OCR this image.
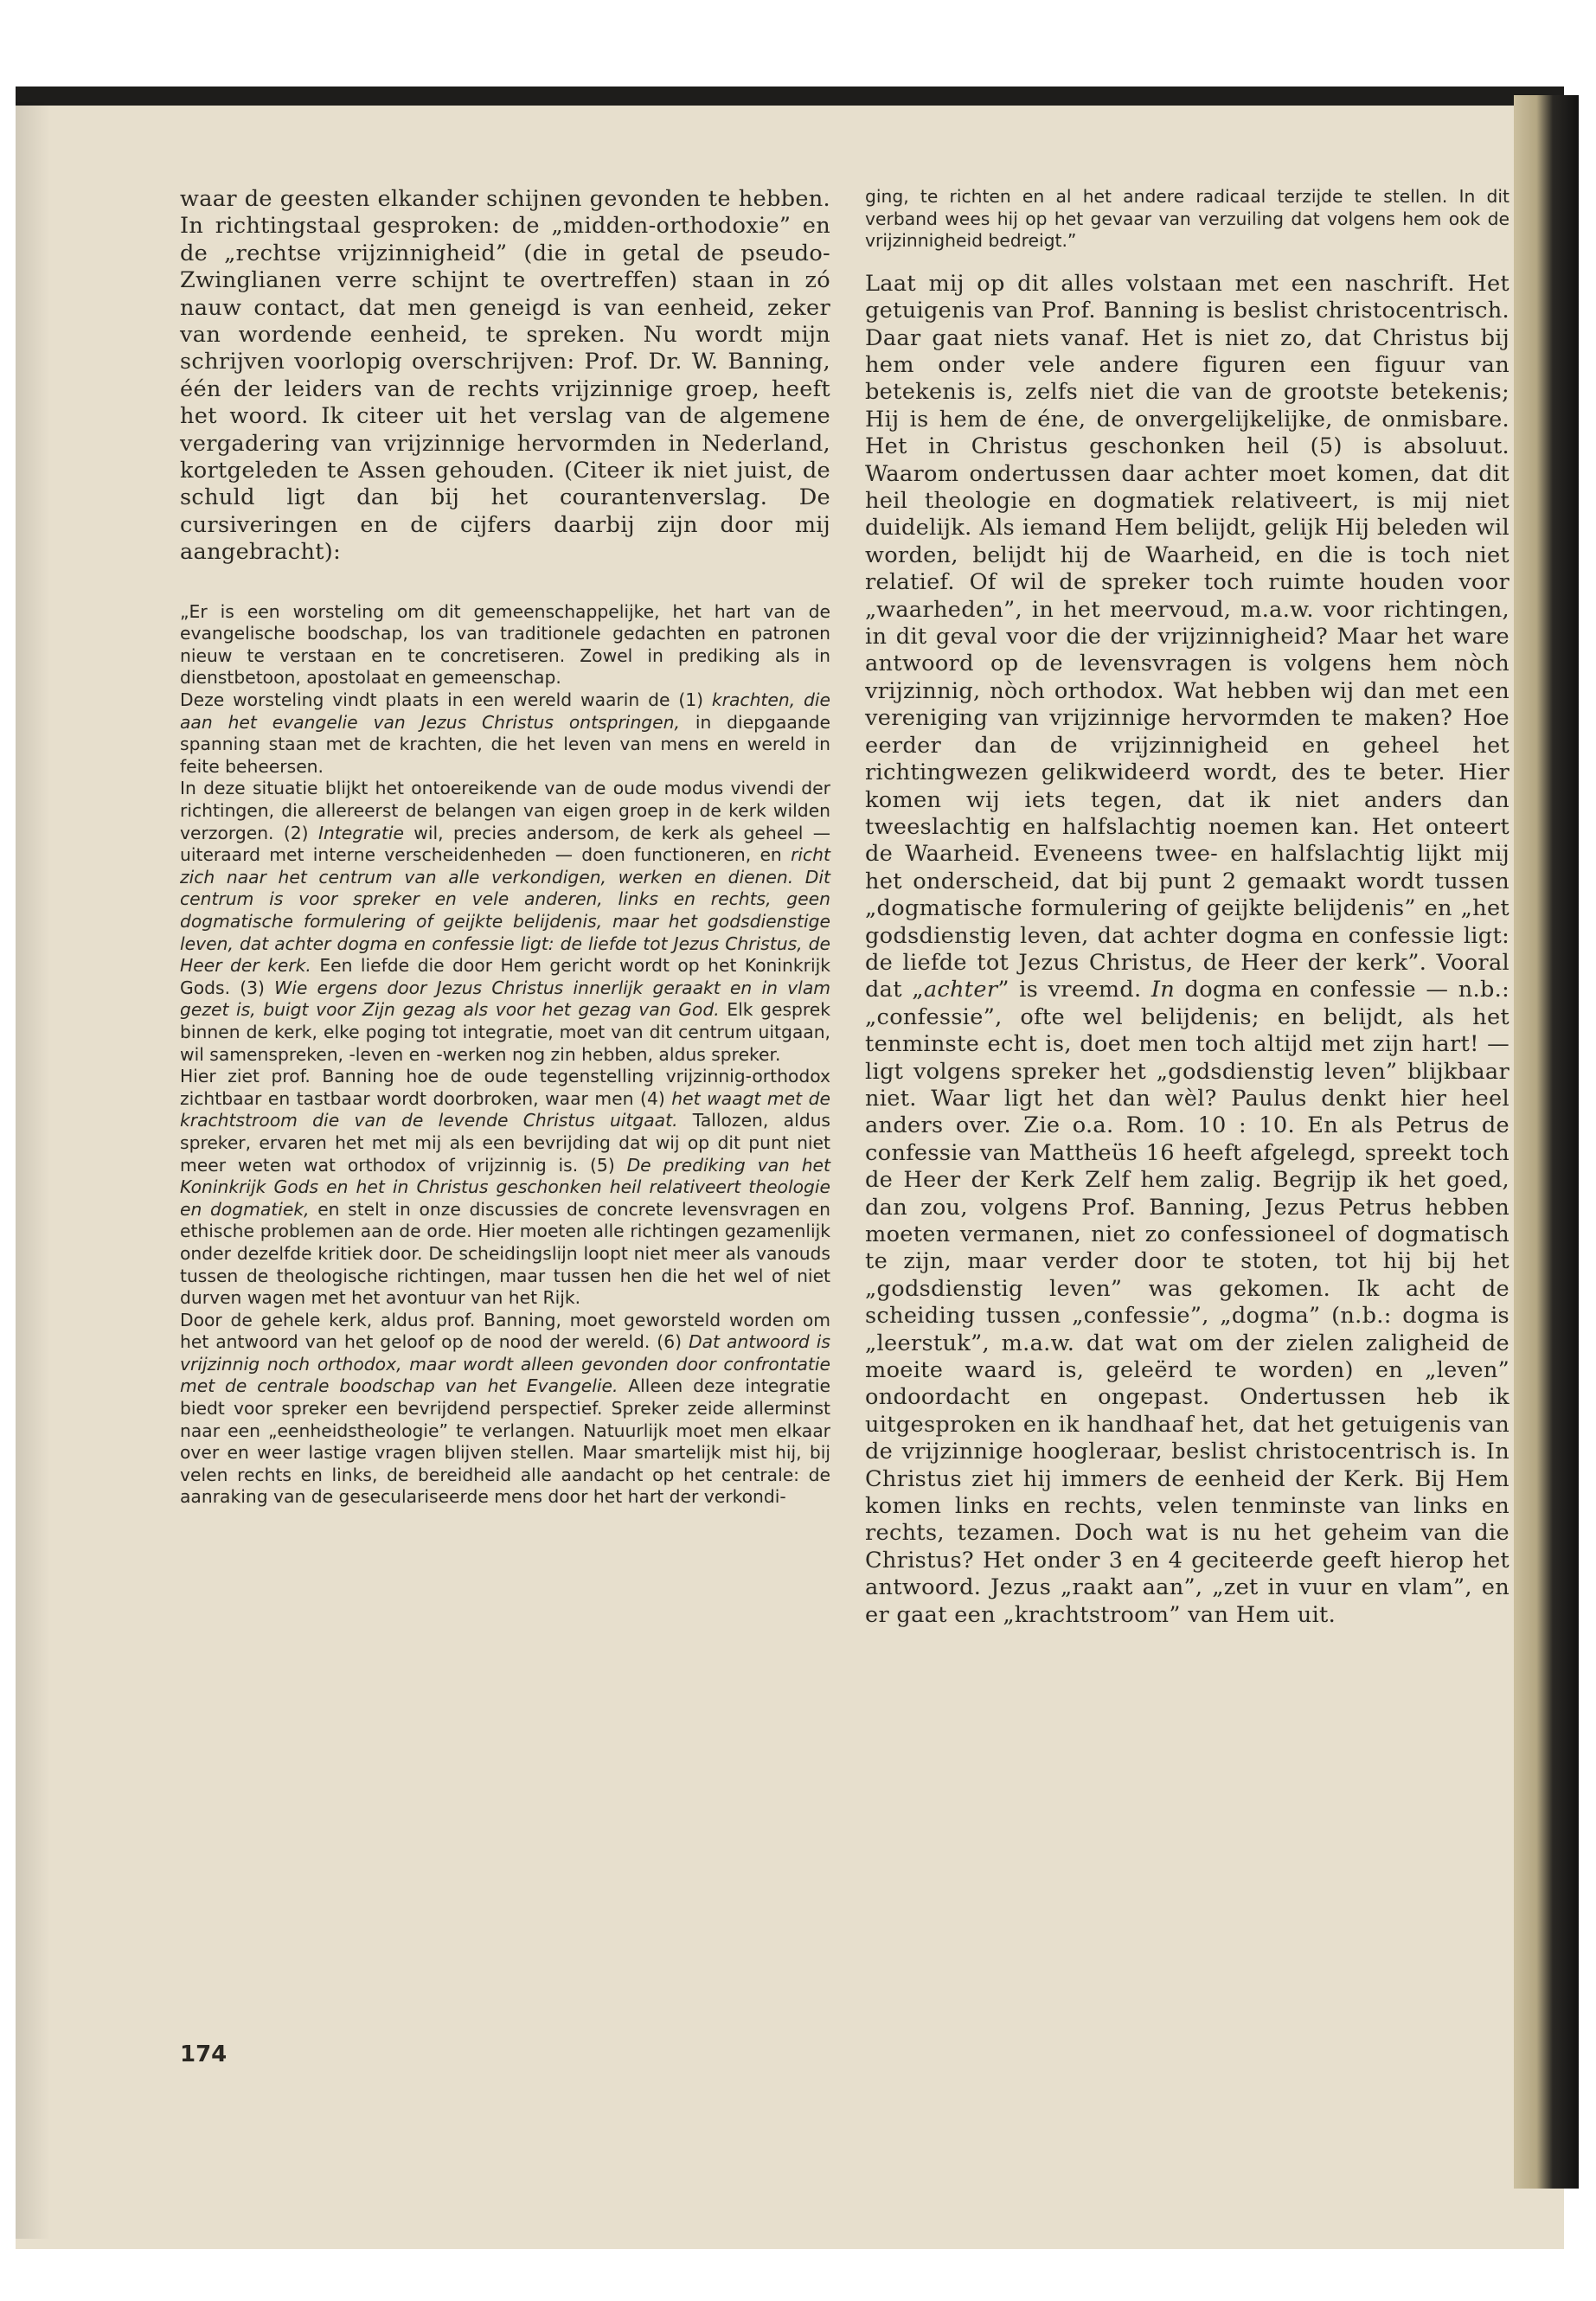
waar de geesten elkander schijnen gevonden te hebben. In richtingstaal gesproken: de „midden-orthodoxie” en de „rechtse vrijzinnigheid” (die in getal de pseudo-Zwinglianen verre schijnt te overtreffen) staan in zó nauw contact, dat men geneigd is van eenheid, zeker van wordende eenheid, te spreken. Nu wordt mijn schrijven voorlopig overschrijven: Prof. Dr. W. Banning, één der leiders van de rechts vrijzinnige groep, heeft het woord. Ik citeer uit het verslag van de algemene vergadering van vrijzinnige hervormden in Nederland, kortgeleden te Assen gehouden. (Citeer ik niet juist, de schuld ligt dan bij het courantenverslag. De cursiveringen en de cijfers daarbij zijn door mij aangebracht):

„Er is een worsteling om dit gemeenschappelijke, het hart van de evangelische boodschap, los van traditionele gedachten en patronen nieuw te verstaan en te concretiseren. Zowel in prediking als in dienstbetoon, apostolaat en gemeenschap.

Deze worsteling vindt plaats in een wereld waarin de (1) krachten, die aan het evangelie van Jezus Christus ontspringen, in diepgaande spanning staan met de krachten, die het leven van mens en wereld in feite beheersen.

In deze situatie blijkt het ontoereikende van de oude modus vivendi der richtingen, die allereerst de belangen van eigen groep in de kerk wilden verzorgen. (2) Integratie wil, precies andersom, de kerk als geheel — uiteraard met interne verscheidenheden — doen functioneren, en richt zich naar het centrum van alle verkondigen, werken en dienen. Dit centrum is voor spreker en vele anderen, links en rechts, geen dogmatische formulering of geijkte belijdenis, maar het godsdienstige leven, dat achter dogma en confessie ligt: de liefde tot Jezus Christus, de Heer der kerk. Een liefde die door Hem gericht wordt op het Koninkrijk Gods. (3) Wie ergens door Jezus Christus innerlijk geraakt en in vlam gezet is, buigt voor Zijn gezag als voor het gezag van God. Elk gesprek binnen de kerk, elke poging tot integratie, moet van dit centrum uitgaan, wil samenspreken, -leven en -werken nog zin hebben, aldus spreker.

Hier ziet prof. Banning hoe de oude tegenstelling vrijzinnig-orthodox zichtbaar en tastbaar wordt doorbroken, waar men (4) het waagt met de krachtstroom die van de levende Christus uitgaat. Tallozen, aldus spreker, ervaren het met mij als een bevrijding dat wij op dit punt niet meer weten wat orthodox of vrijzinnig is. (5) De prediking van het Koninkrijk Gods en het in Christus geschonken heil relativeert theologie en dogmatiek, en stelt in onze discussies de concrete levensvragen en ethische problemen aan de orde. Hier moeten alle richtingen gezamenlijk onder dezelfde kritiek door. De scheidingslijn loopt niet meer als vanouds tussen de theologische richtingen, maar tussen hen die het wel of niet durven wagen met het avontuur van het Rijk.

Door de gehele kerk, aldus prof. Banning, moet geworsteld worden om het antwoord van het geloof op de nood der wereld. (6) Dat antwoord is vrijzinnig noch orthodox, maar wordt alleen gevonden door confrontatie met de centrale boodschap van het Evangelie. Alleen deze integratie biedt voor spreker een bevrijdend perspectief. Spreker zeide allerminst naar een „eenheidstheologie” te verlangen. Natuurlijk moet men elkaar over en weer lastige vragen blijven stellen. Maar smartelijk mist hij, bij velen rechts en links, de bereidheid alle aandacht op het centrale: de aanraking van de geseculariseerde mens door het hart der verkondi-

174

ging, te richten en al het andere radicaal terzijde te stellen. In dit verband wees hij op het gevaar van verzuiling dat volgens hem ook de vrijzinnigheid bedreigt.”

Laat mij op dit alles volstaan met een naschrift. Het getuigenis van Prof. Banning is beslist christocentrisch. Daar gaat niets vanaf. Het is niet zo, dat Christus bij hem onder vele andere figuren een figuur van betekenis is, zelfs niet die van de grootste betekenis; Hij is hem de éne, de onvergelijkelijke, de onmisbare. Het in Christus geschonken heil (5) is absoluut. Waarom ondertussen daar achter moet komen, dat dit heil theologie en dogmatiek relativeert, is mij niet duidelijk. Als iemand Hem belijdt, gelijk Hij beleden wil worden, belijdt hij de Waarheid, en die is toch niet relatief. Of wil de spreker toch ruimte houden voor „waarheden”, in het meervoud, m.a.w. voor richtingen, in dit geval voor die der vrijzinnigheid? Maar het ware antwoord op de levensvragen is volgens hem nòch vrijzinnig, nòch orthodox. Wat hebben wij dan met een vereniging van vrijzinnige hervormden te maken? Hoe eerder dan de vrijzinnigheid en geheel het richtingwezen gelikwideerd wordt, des te beter. Hier komen wij iets tegen, dat ik niet anders dan tweeslachtig en halfslachtig noemen kan. Het onteert de Waarheid. Eveneens twee- en halfslachtig lijkt mij het onderscheid, dat bij punt 2 gemaakt wordt tussen „dogmatische formulering of geijkte belijdenis” en „het godsdienstig leven, dat achter dogma en confessie ligt: de liefde tot Jezus Christus, de Heer der kerk”. Vooral dat „achter” is vreemd. In dogma en confessie — n.b.: „confessie”, ofte wel belijdenis; en belijdt, als het tenminste echt is, doet men toch altijd met zijn hart! — ligt volgens spreker het „godsdienstig leven” blijkbaar niet. Waar ligt het dan wèl? Paulus denkt hier heel anders over. Zie o.a. Rom. 10 : 10. En als Petrus de confessie van Mattheüs 16 heeft afgelegd, spreekt toch de Heer der Kerk Zelf hem zalig. Begrijp ik het goed, dan zou, volgens Prof. Banning, Jezus Petrus hebben moeten vermanen, niet zo confessioneel of dogmatisch te zijn, maar verder door te stoten, tot hij bij het „godsdienstig leven” was gekomen. Ik acht de scheiding tussen „confessie”, „dogma” (n.b.: dogma is „leerstuk”, m.a.w. dat wat om der zielen zaligheid de moeite waard is, geleërd te worden) en „leven” ondoordacht en ongepast. Ondertussen heb ik uitgesproken en ik handhaaf het, dat het getuigenis van de vrijzinnige hoogleraar, beslist christocentrisch is. In Christus ziet hij immers de eenheid der Kerk. Bij Hem komen links en rechts, velen tenminste van links en rechts, tezamen. Doch wat is nu het geheim van die Christus? Het onder 3 en 4 geciteerde geeft hierop het antwoord. Jezus „raakt aan”, „zet in vuur en vlam”, en er gaat een „krachtstroom” van Hem uit.
